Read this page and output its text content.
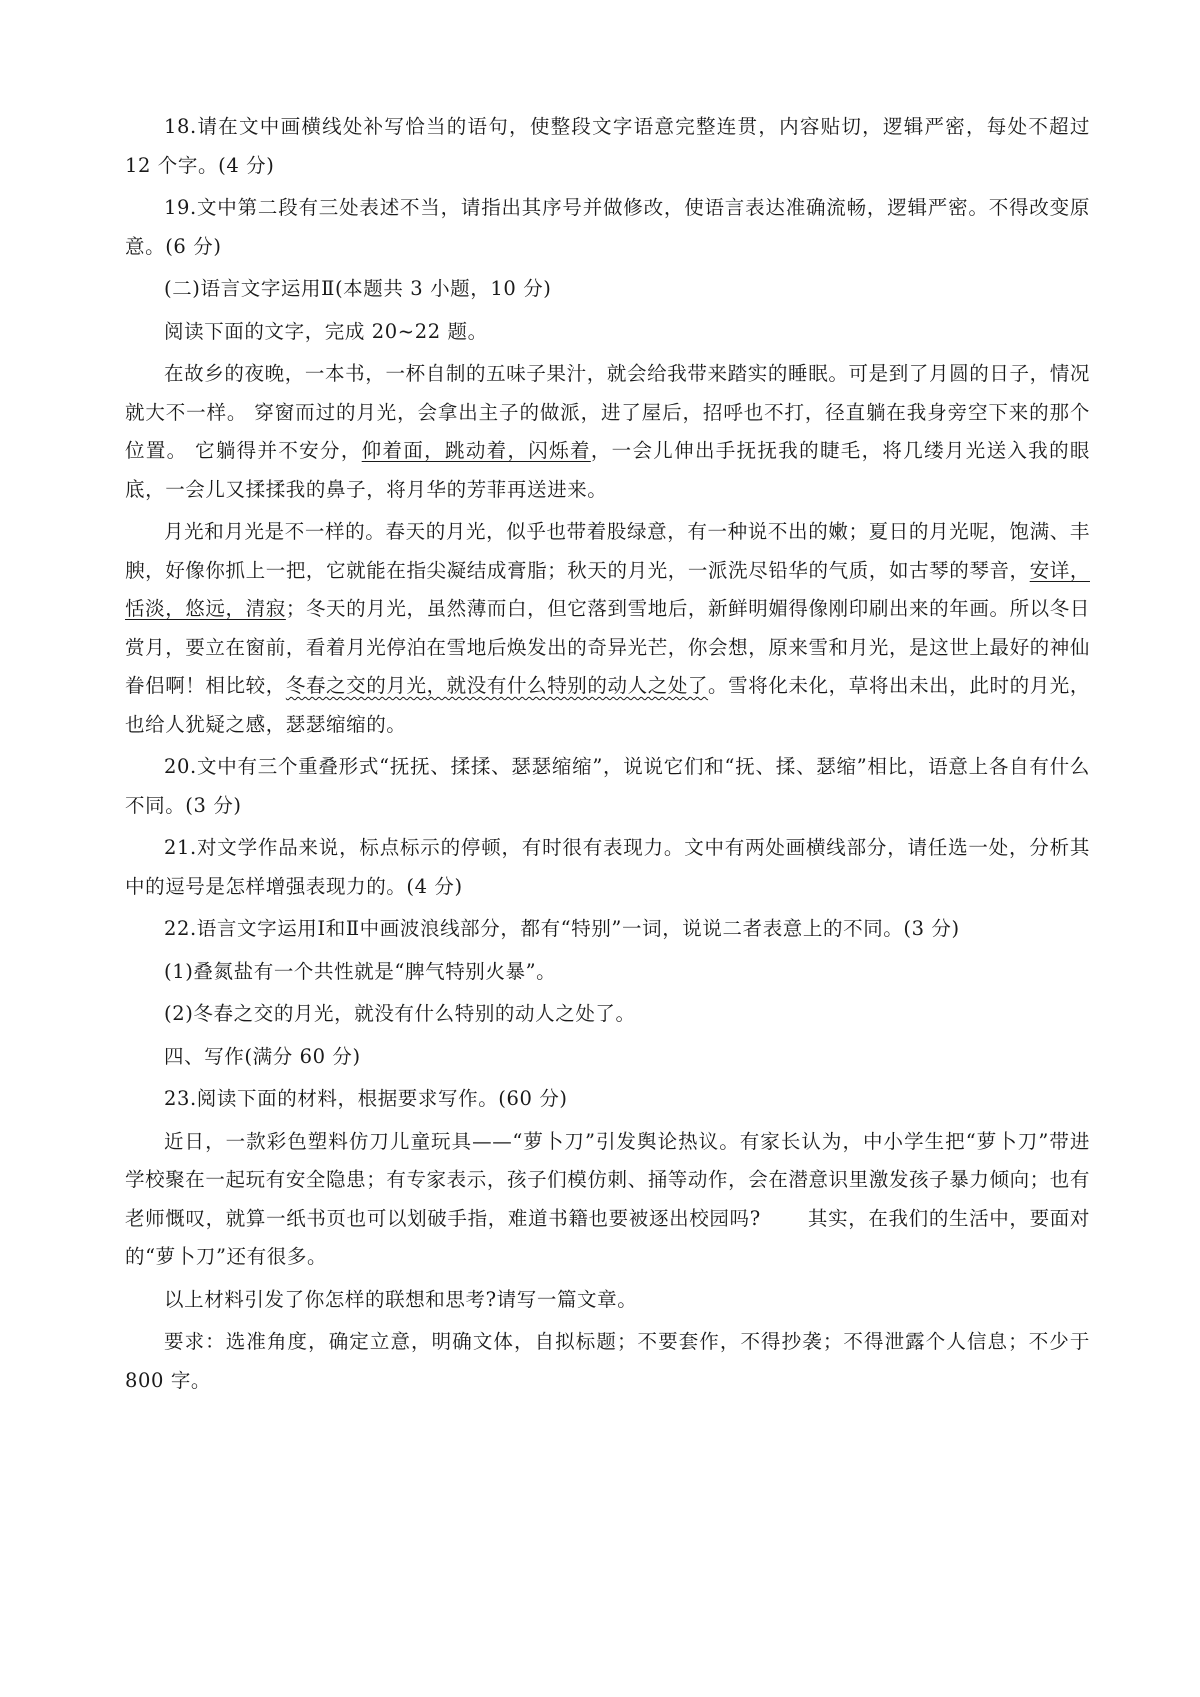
18.请在文中画横线处补写恰当的语句，使整段文字语意完整连贯，内容贴切，逻辑严密，每处不超过 12 个字。(4 分)

19.文中第二段有三处表述不当，请指出其序号并做修改，使语言表达准确流畅，逻辑严密。不得改变原意。(6 分)

(二)语言文字运用Ⅱ(本题共 3 小题，10 分)

阅读下面的文字，完成 20~22 题。

在故乡的夜晚，一本书，一杯自制的五味子果汁，就会给我带来踏实的睡眠。可是到了月圆的日子，情况就大不一样。 穿窗而过的月光，会拿出主子的做派，进了屋后，招呼也不打，径直躺在我身旁空下来的那个位置。 它躺得并不安分，仰着面，跳动着，闪烁着，一会儿伸出手抚抚我的睫毛，将几缕月光送入我的眼底，一会儿又揉揉我的鼻子，将月华的芳菲再送进来。

月光和月光是不一样的。春天的月光，似乎也带着股绿意，有一种说不出的嫩；夏日的月光呢，饱满、丰腴，好像你抓上一把，它就能在指尖凝结成膏脂；秋天的月光，一派洗尽铅华的气质，如古琴的琴音，安详，恬淡，悠远，清寂；冬天的月光，虽然薄而白，但它落到雪地后，新鲜明媚得像刚印刷出来的年画。所以冬日赏月，要立在窗前，看着月光停泊在雪地后焕发出的奇异光芒，你会想，原来雪和月光，是这世上最好的神仙眷侣啊！相比较，冬春之交的月光，就没有什么特别的动人之处了。雪将化未化，草将出未出，此时的月光，也给人犹疑之感，瑟瑟缩缩的。

20.文中有三个重叠形式“抚抚、揉揉、瑟瑟缩缩”，说说它们和“抚、揉、瑟缩”相比，语意上各自有什么不同。(3 分)

21.对文学作品来说，标点标示的停顿，有时很有表现力。文中有两处画横线部分，请任选一处，分析其中的逗号是怎样增强表现力的。(4 分)

22.语言文字运用Ⅰ和Ⅱ中画波浪线部分，都有“特别”一词，说说二者表意上的不同。(3 分)

(1)叠氮盐有一个共性就是“脾气特别火暴”。

(2)冬春之交的月光，就没有什么特别的动人之处了。

四、写作(满分 60 分)

23.阅读下面的材料，根据要求写作。(60 分)

近日，一款彩色塑料仿刀儿童玩具——“萝卜刀”引发舆论热议。有家长认为，中小学生把“萝卜刀”带进学校聚在一起玩有安全隐患；有专家表示，孩子们模仿刺、捅等动作，会在潜意识里激发孩子暴力倾向；也有老师慨叹，就算一纸书页也可以划破手指，难道书籍也要被逐出校园吗? 　　其实，在我们的生活中，要面对的“萝卜刀”还有很多。

以上材料引发了你怎样的联想和思考?请写一篇文章。

要求：选准角度，确定立意，明确文体，自拟标题；不要套作，不得抄袭；不得泄露个人信息；不少于 800 字。
